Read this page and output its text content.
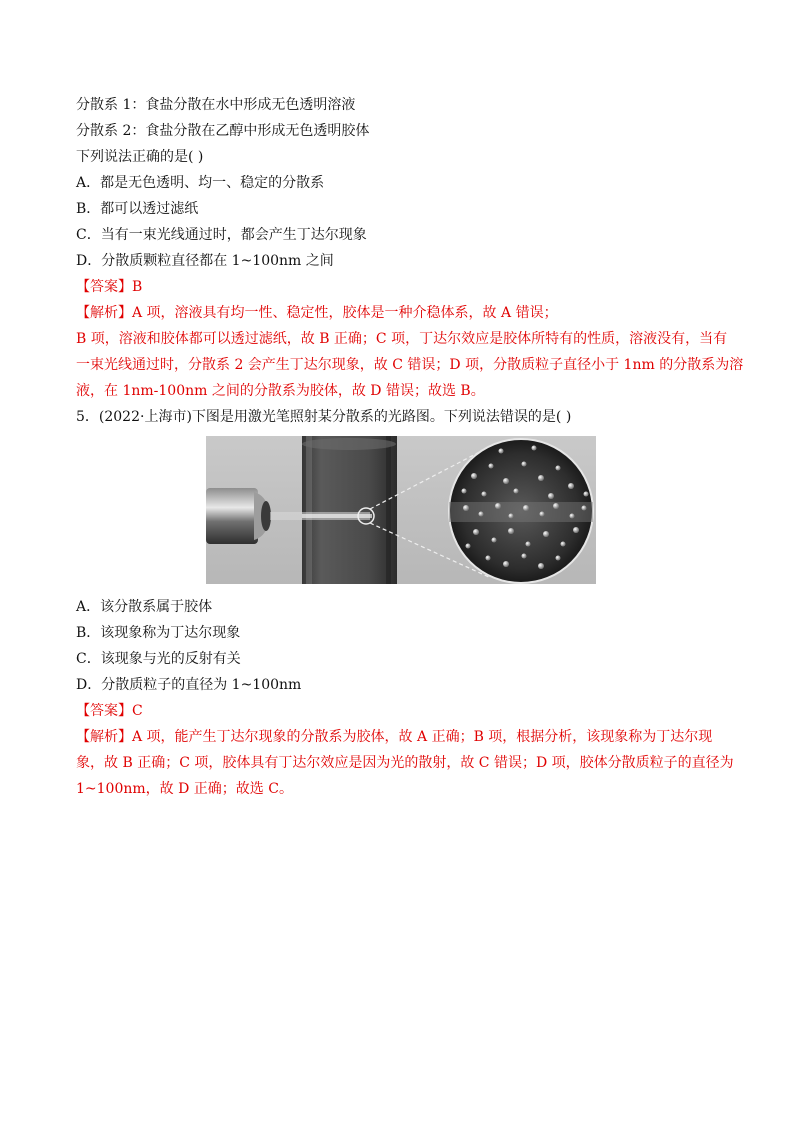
分散系 1：食盐分散在水中形成无色透明溶液
分散系 2：食盐分散在乙醇中形成无色透明胶体
下列说法正确的是( )
A．都是无色透明、均一、稳定的分散系
B．都可以透过滤纸
C．当有一束光线通过时，都会产生丁达尔现象
D．分散质颗粒直径都在 1~100nm 之间
【答案】B
【解析】A 项，溶液具有均一性、稳定性，胶体是一种介稳体系，故 A 错误；
B 项，溶液和胶体都可以透过滤纸，故 B 正确；C 项，丁达尔效应是胶体所特有的性质，溶液没有，当有
一束光线通过时，分散系 2 会产生丁达尔现象，故 C 错误；D 项，分散质粒子直径小于 1nm 的分散系为溶
液，在 1nm-100nm 之间的分散系为胶体，故 D 错误；故选 B。
5．(2022·上海市)下图是用激光笔照射某分散系的光路图。下列说法错误的是( )
A．该分散系属于胶体
B．该现象称为丁达尔现象
C．该现象与光的反射有关
D．分散质粒子的直径为 1~100nm
【答案】C
【解析】A 项，能产生丁达尔现象的分散系为胶体，故 A 正确；B 项，根据分析，该现象称为丁达尔现
象，故 B 正确；C 项，胶体具有丁达尔效应是因为光的散射，故 C 错误；D 项，胶体分散质粒子的直径为
1~100nm，故 D 正确；故选 C。
